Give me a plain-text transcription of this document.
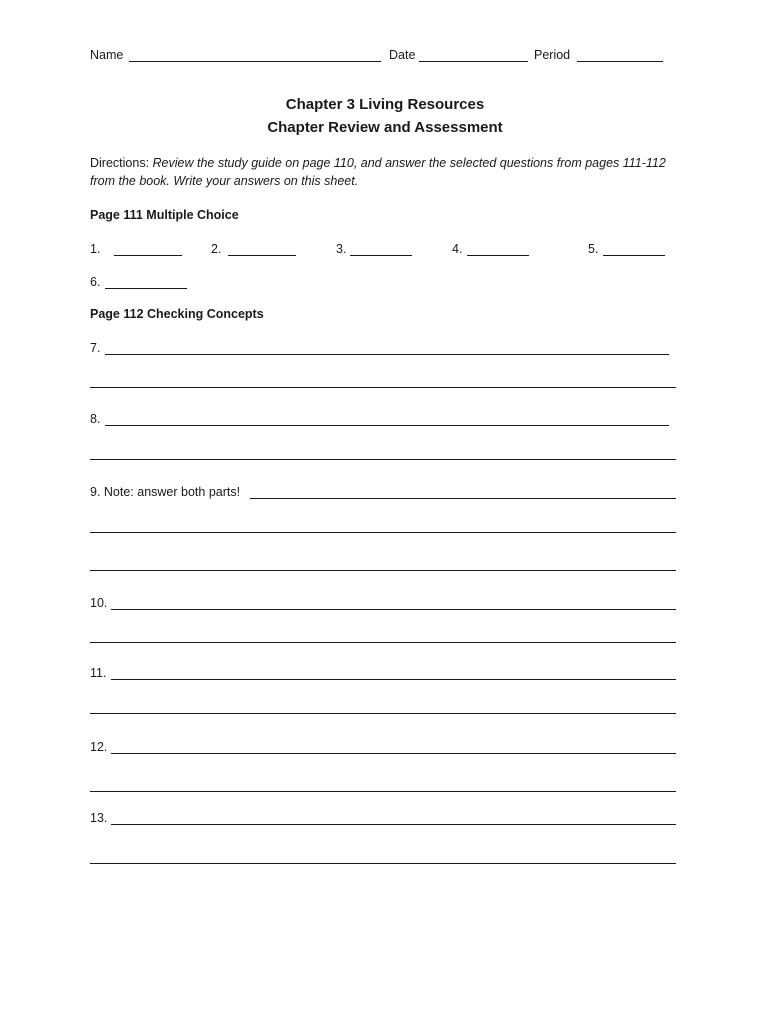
Name	Date	Period
Chapter 3 Living Resources
Chapter Review and Assessment
Directions: Review the study guide on page 110, and answer the selected questions from pages 111-112
from the book. Write your answers on this sheet.
Page 111 Multiple Choice
1.	2.	3.	4.	5.
6.
Page 112 Checking Concepts
7.
8.
9. Note: answer both parts!
10.
11.
12.
13.
